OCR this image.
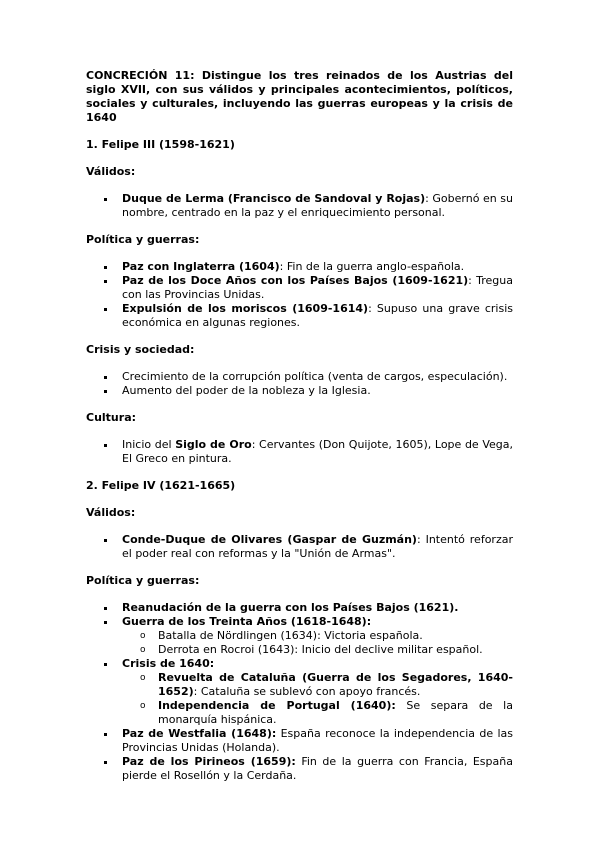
CONCRECIÓN 11: Distingue los tres reinados de los Austrias del siglo XVII, con sus válidos y principales acontecimientos, políticos, sociales y culturales, incluyendo las guerras europeas y la crisis de 1640

1. Felipe III (1598-1621)

Válidos:

Duque de Lerma (Francisco de Sandoval y Rojas): Gobernó en su nombre, centrado en la paz y el enriquecimiento personal.

Política y guerras:

Paz con Inglaterra (1604): Fin de la guerra anglo-española.
Paz de los Doce Años con los Países Bajos (1609-1621): Tregua con las Provincias Unidas.
Expulsión de los moriscos (1609-1614): Supuso una grave crisis económica en algunas regiones.

Crisis y sociedad:

Crecimiento de la corrupción política (venta de cargos, especulación).
Aumento del poder de la nobleza y la Iglesia.

Cultura:

Inicio del Siglo de Oro: Cervantes (Don Quijote, 1605), Lope de Vega, El Greco en pintura.

2. Felipe IV (1621-1665)

Válidos:

Conde-Duque de Olivares (Gaspar de Guzmán): Intentó reforzar el poder real con reformas y la "Unión de Armas".

Política y guerras:

Reanudación de la guerra con los Países Bajos (1621).
Guerra de los Treinta Años (1618-1648):
o Batalla de Nördlingen (1634): Victoria española.
o Derrota en Rocroi (1643): Inicio del declive militar español.
Crisis de 1640:
o Revuelta de Cataluña (Guerra de los Segadores, 1640-1652): Cataluña se sublevó con apoyo francés.
o Independencia de Portugal (1640): Se separa de la monarquía hispánica.
Paz de Westfalia (1648): España reconoce la independencia de las Provincias Unidas (Holanda).
Paz de los Pirineos (1659): Fin de la guerra con Francia, España pierde el Rosellón y la Cerdaña.
